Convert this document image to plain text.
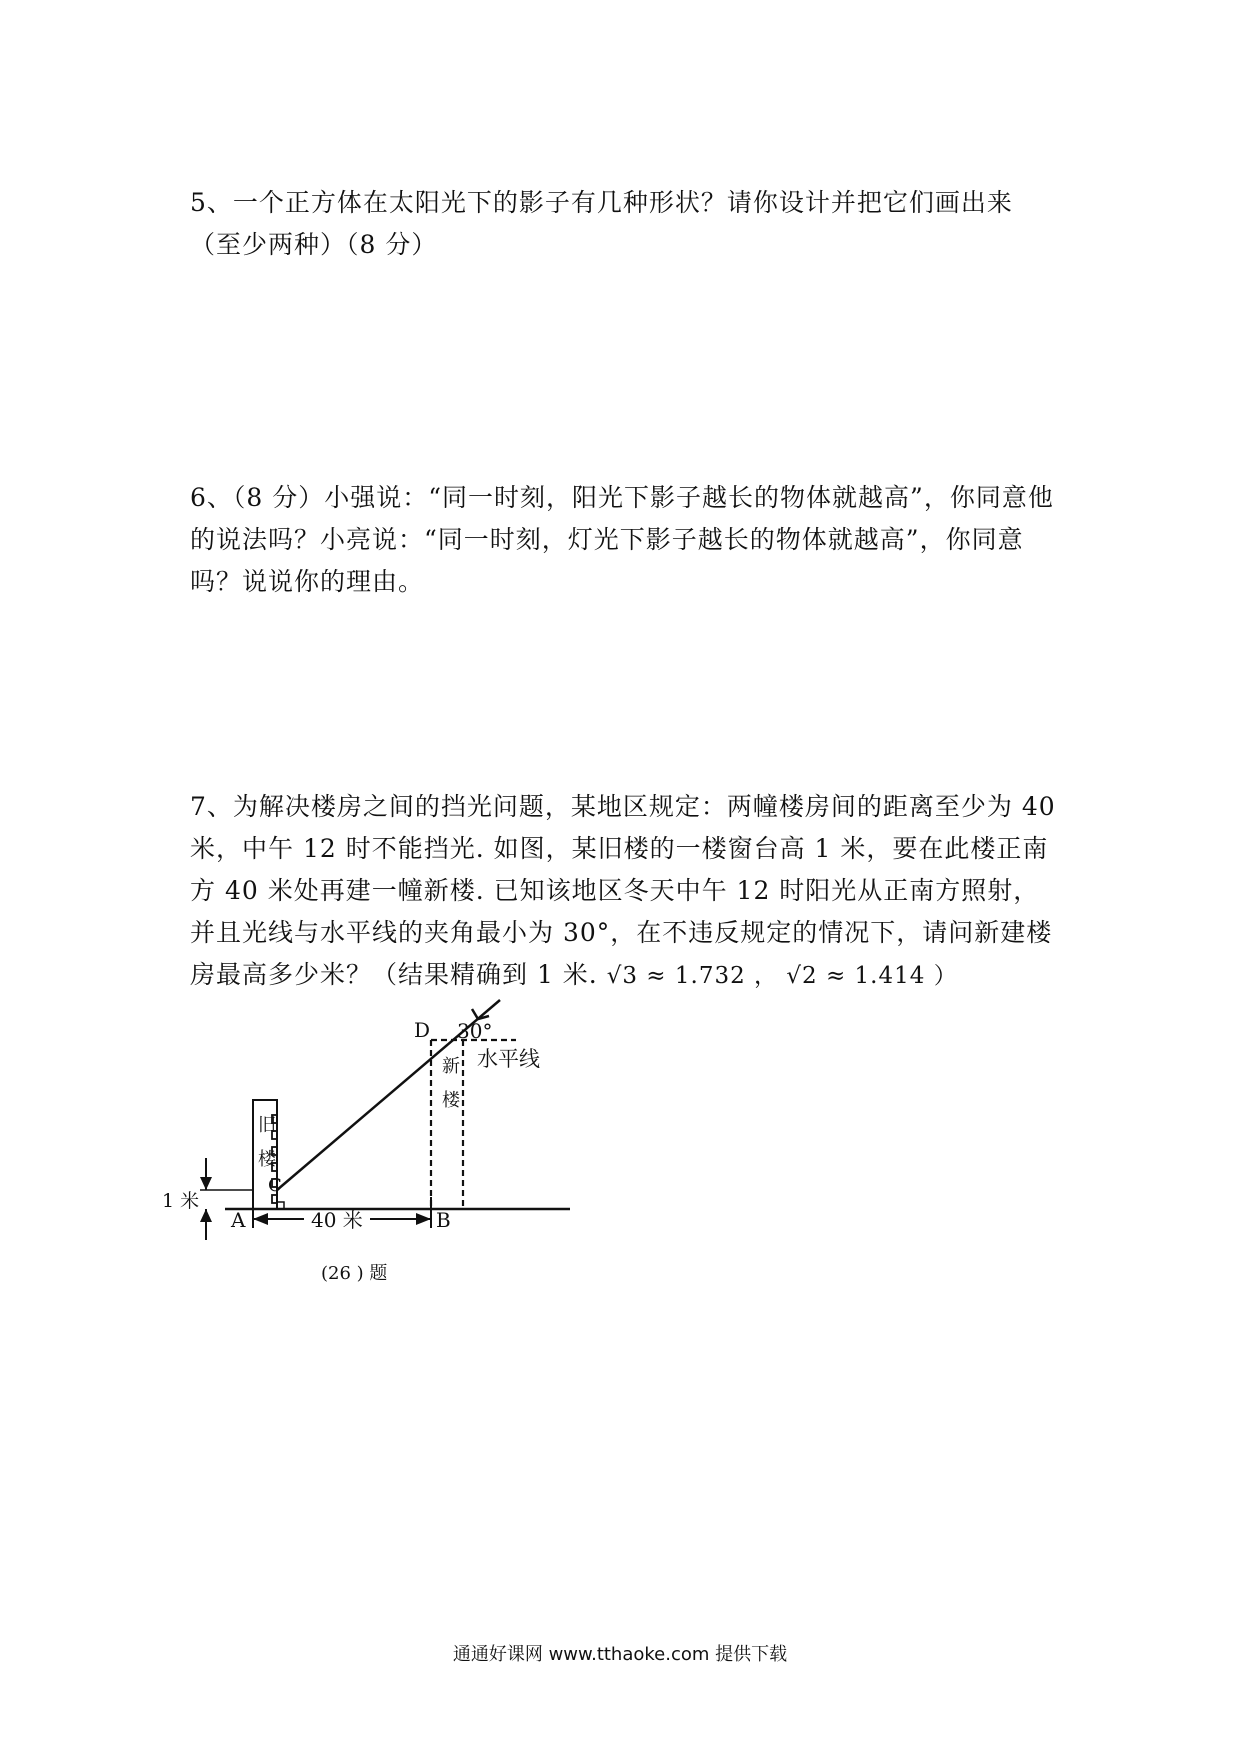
5、一个正方体在太阳光下的影子有几种形状？请你设计并把它们画出来（至少两种）（8 分）
6、（8 分）小强说：“同一时刻，阳光下影子越长的物体就越高”，你同意他的说法吗？小亮说：“同一时刻，灯光下影子越长的物体就越高”，你同意吗？说说你的理由。
7、为解决楼房之间的挡光问题，某地区规定：两幢楼房间的距离至少为 40 米，中午 12 时不能挡光. 如图，某旧楼的一楼窗台高 1 米，要在此楼正南方 40 米处再建一幢新楼. 已知该地区冬天中午 12 时阳光从正南方照射，并且光线与水平线的夹角最小为 30°，在不违反规定的情况下，请问新建楼房最高多少米？（结果精确到 1 米. √3 ≈ 1.732 ， √2 ≈ 1.414 ）
旧
楼
1 米
C
新
楼
D 30°
水平线
40 米
A	B
(26 ) 题
通通好课网 www.tthaoke.com 提供下载
